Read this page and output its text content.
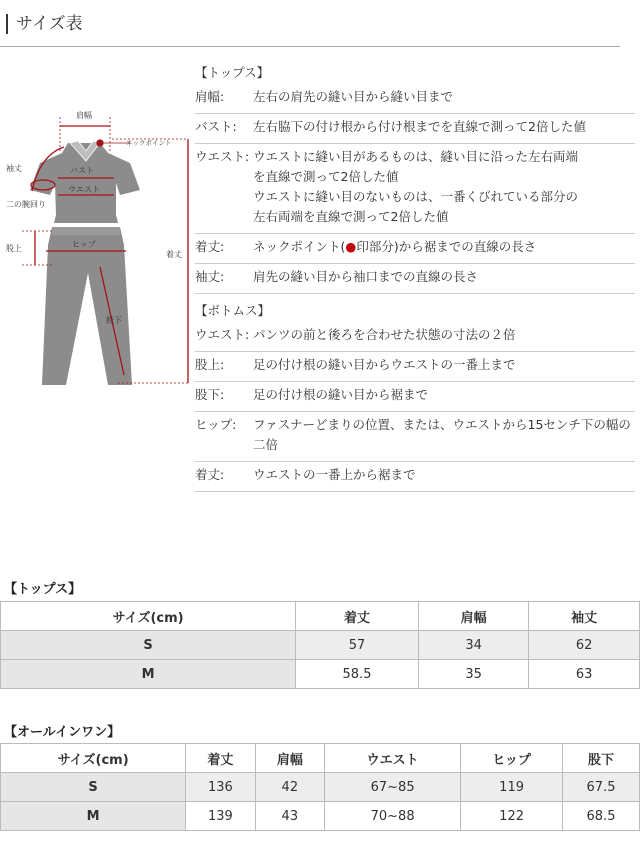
サイズ表
肩幅
ネックポイント
袖丈	バスト
ウエスト
二の腕回り
股上	ヒップ
着丈
股下
【トップス】
肩幅:	左右の肩先の縫い目から縫い目まで

バスト:	左右脇下の付け根から付け根までを直線で測って2倍した値

ウエスト: ウエストに縫い目があるものは、縫い目に沿った左右両端

を直線で測って2倍した値

ウエストに縫い目のないものは、一番くびれている部分の

左右両端を直線で測って2倍した値

着丈:	ネックポイント(●印部分)から裾までの直線の長さ

袖丈:	肩先の縫い目から袖口までの直線の長さ

【ボトムス】
ウエスト: パンツの前と後ろを合わせた状態の寸法の２倍

股上:	足の付け根の縫い目からウエストの一番上まで

股下:	足の付け根の縫い目から裾まで

ヒップ:	ファスナーどまりの位置、または、ウエストから15センチ下の幅の

二倍

着丈:	ウエストの一番上から裾まで

【トップス】
サイズ(cm)	着丈	肩幅	袖丈
S	57	34	62
M	58.5	35	63
【オールインワン】
サイズ(cm)	着丈	肩幅	ウエスト	ヒップ	股下
S	136	42	67~85	119	67.5
M	139	43	70~88	122	68.5
